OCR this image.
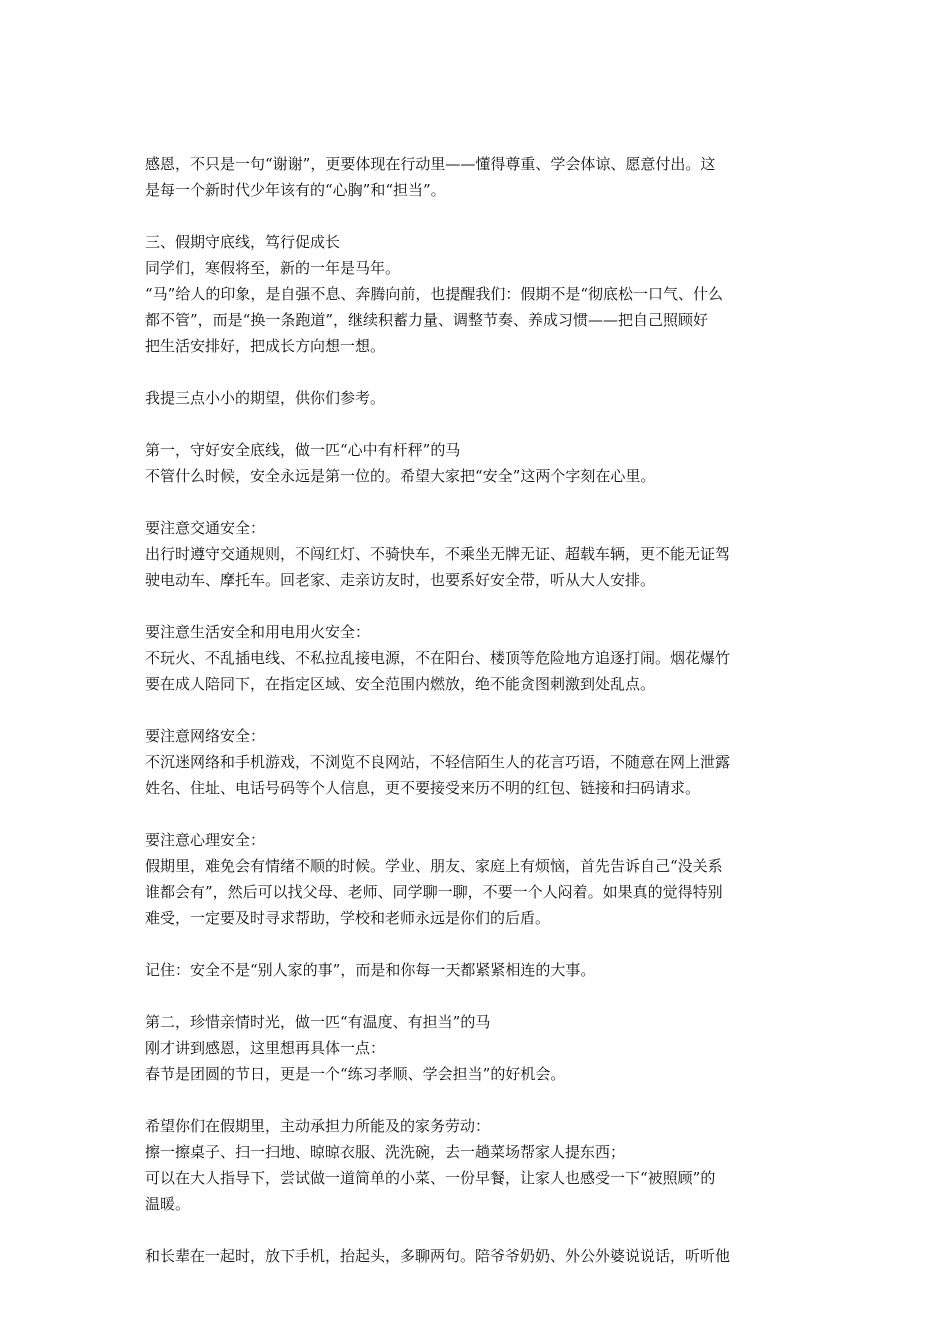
感恩，不只是一句“谢谢”，更要体现在行动里——懂得尊重、学会体谅、愿意付出。这
是每一个新时代少年该有的“心胸”和“担当”。
三、假期守底线，笃行促成长
同学们，寒假将至，新的一年是马年。
“马”给人的印象，是自强不息、奔腾向前，也提醒我们：假期不是“彻底松一口气、什么
都不管”，而是“换一条跑道”，继续积蓄力量、调整节奏、养成习惯——把自己照顾好
把生活安排好，把成长方向想一想。
我提三点小小的期望，供你们参考。
第一，守好安全底线，做一匹“心中有杆秤”的马
不管什么时候，安全永远是第一位的。希望大家把“安全”这两个字刻在心里。
要注意交通安全：
出行时遵守交通规则，不闯红灯、不骑快车，不乘坐无牌无证、超载车辆，更不能无证驾
驶电动车、摩托车。回老家、走亲访友时，也要系好安全带，听从大人安排。
要注意生活安全和用电用火安全：
不玩火、不乱插电线、不私拉乱接电源，不在阳台、楼顶等危险地方追逐打闹。烟花爆竹
要在成人陪同下，在指定区域、安全范围内燃放，绝不能贪图刺激到处乱点。
要注意网络安全：
不沉迷网络和手机游戏，不浏览不良网站，不轻信陌生人的花言巧语，不随意在网上泄露
姓名、住址、电话号码等个人信息，更不要接受来历不明的红包、链接和扫码请求。
要注意心理安全：
假期里，难免会有情绪不顺的时候。学业、朋友、家庭上有烦恼，首先告诉自己“没关系
谁都会有”，然后可以找父母、老师、同学聊一聊，不要一个人闷着。如果真的觉得特别
难受，一定要及时寻求帮助，学校和老师永远是你们的后盾。
记住：安全不是“别人家的事”，而是和你每一天都紧紧相连的大事。
第二，珍惜亲情时光，做一匹“有温度、有担当”的马
刚才讲到感恩，这里想再具体一点：
春节是团圆的节日，更是一个“练习孝顺、学会担当”的好机会。
希望你们在假期里，主动承担力所能及的家务劳动：
擦一擦桌子、扫一扫地、晾晾衣服、洗洗碗，去一趟菜场帮家人提东西；
可以在大人指导下，尝试做一道简单的小菜、一份早餐，让家人也感受一下“被照顾”的
温暖。
和长辈在一起时，放下手机，抬起头，多聊两句。陪爷爷奶奶、外公外婆说说话，听听他
